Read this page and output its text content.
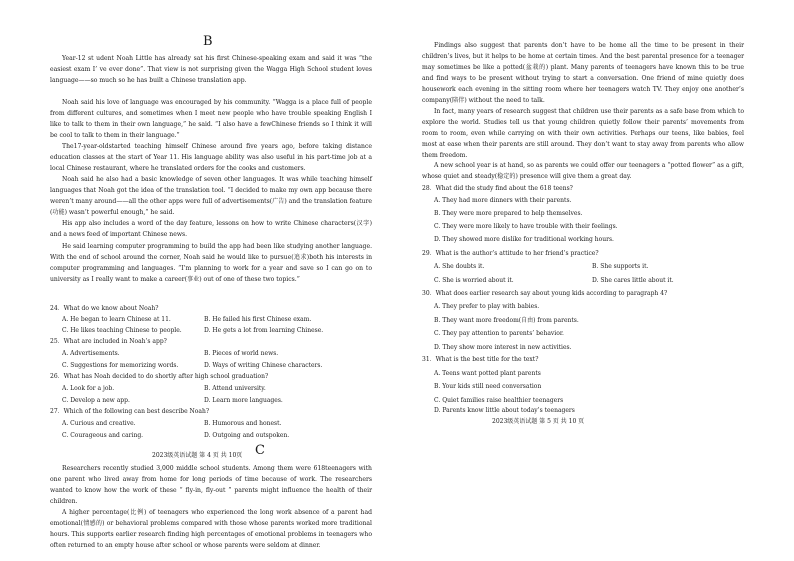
B

Year-12 st udent Noah Little has already sat his first Chinese-speaking exam and said it was “the easiest exam I’ ve ever done”. That view is not surprising given the Wagga High School student loves language——so much so he has built a Chinese translation app.

Noah said his love of language was encouraged by his community. “Wagga is a place full of people from different cultures, and sometimes when I meet new people who have trouble speaking English I like to talk to them in their own language,” he said. “I also have a fewChinese friends so I think it will be cool to talk to them in their language.”

The17-year-oldstarted teaching himself Chinese around five years ago, before taking distance education classes at the start of Year 11. His language ability was also useful in his part-time job at a local Chinese restaurant, where he translated orders for the cooks and customers.

Noah said he also had a basic knowledge of seven other languages. It was while teaching himself languages that Noah got the idea of the translation tool. “I decided to make my own app because there weren’t many around——all the other apps were full of advertisements(广告) and the translation feature (功能) wasn’t powerful enough,” he said.

His app also includes a word of the day feature, lessons on how to write Chinese characters(汉字) and a news feed of important Chinese news.

He said learning computer programming to build the app had been like studying another language. With the end of school around the corner, Noah said he would like to pursue(追求)both his interests in computer programming and languages. “I’m planning to work for a year and save so I can go on to university as I really want to make a career(事业) out of one of these two topics.”

24．What do we know about Noah?
A. He began to learn Chinese at 11.	B. He failed his first Chinese exam.
C. He likes teaching Chinese to people.	D. He gets a lot from learning Chinese.
25．What are included in Noah’s app?
A. Advertisements.	B. Pieces of world news.
C. Suggestions for memorizing words.	D. Ways of writing Chinese characters.
26．What has Noah decided to do shortly after high school graduation?
A. Look for a job.	B. Attend university.
C. Develop a new app.	D. Learn more languages.
27．Which of the following can best describe Noah?
A. Curious and creative.	B. Humorous and honest.
C. Courageous and caring.	D. Outgoing and outspoken.
2023级英语试题 第 4 页 共 10页 C

Researchers recently studied 3,000 middle school students. Among them were 618teenagers with one parent who lived away from home for long periods of time because of work. The researchers wanted to know how the work of these “ fly-in, fly-out ” parents might influence the health of their children.

A higher percentage(比例) of teenagers who experienced the long work absence of a parent had emotional(情感的) or behavioral problems compared with those whose parents worked more traditional hours. This supports earlier research finding high percentages of emotional problems in teenagers who often returned to an empty house after school or whose parents were seldom at dinner.

Findings also suggest that parents don’t have to be home all the time to be present in their children’s lives, but it helps to be home at certain times. And the best parental presence for a teenager may sometimes be like a potted(盆栽的) plant. Many parents of teenagers have known this to be true and find ways to be present without trying to start a conversation. One friend of mine quietly does housework each evening in the sitting room where her teenagers watch TV. They enjoy one another’s company(陪伴) without the need to talk.

In fact, many years of research suggest that children use their parents as a safe base from which to explore the world. Studies tell us that young children quietly follow their parents’ movements from room to room, even while carrying on with their own activities. Perhaps our teens, like babies, feel most at ease when their parents are still around. They don’t want to stay away from parents who allow them freedom.

A new school year is at hand, so as parents we could offer our teenagers a “potted flower” as a gift, whose quiet and steady(稳定的) presence will give them a great day.

28．What did the study find about the 618 teens?
A. They had more dinners with their parents.
B. They were more prepared to help themselves.
C. They were more likely to have trouble with their feelings.
D. They showed more dislike for traditional working hours.
29．What is the author’s attitude to her friend’s practice?
A. She doubts it.	B. She supports it.
C. She is worried about it.	D. She cares little about it.
30．What does earlier research say about young kids according to paragraph 4?
A. They prefer to play with babies.
B. They want more freedom(自由) from parents.
C. They pay attention to parents’ behavior.
D. They show more interest in new activities.
31．What is the best title for the text?
A. Teens want potted plant parents
B. Your kids still need conversation
C. Quiet families raise healthier teenagers
D. Parents know little about today’s teenagers
2023级英语试题 第 5 页 共 10 页
